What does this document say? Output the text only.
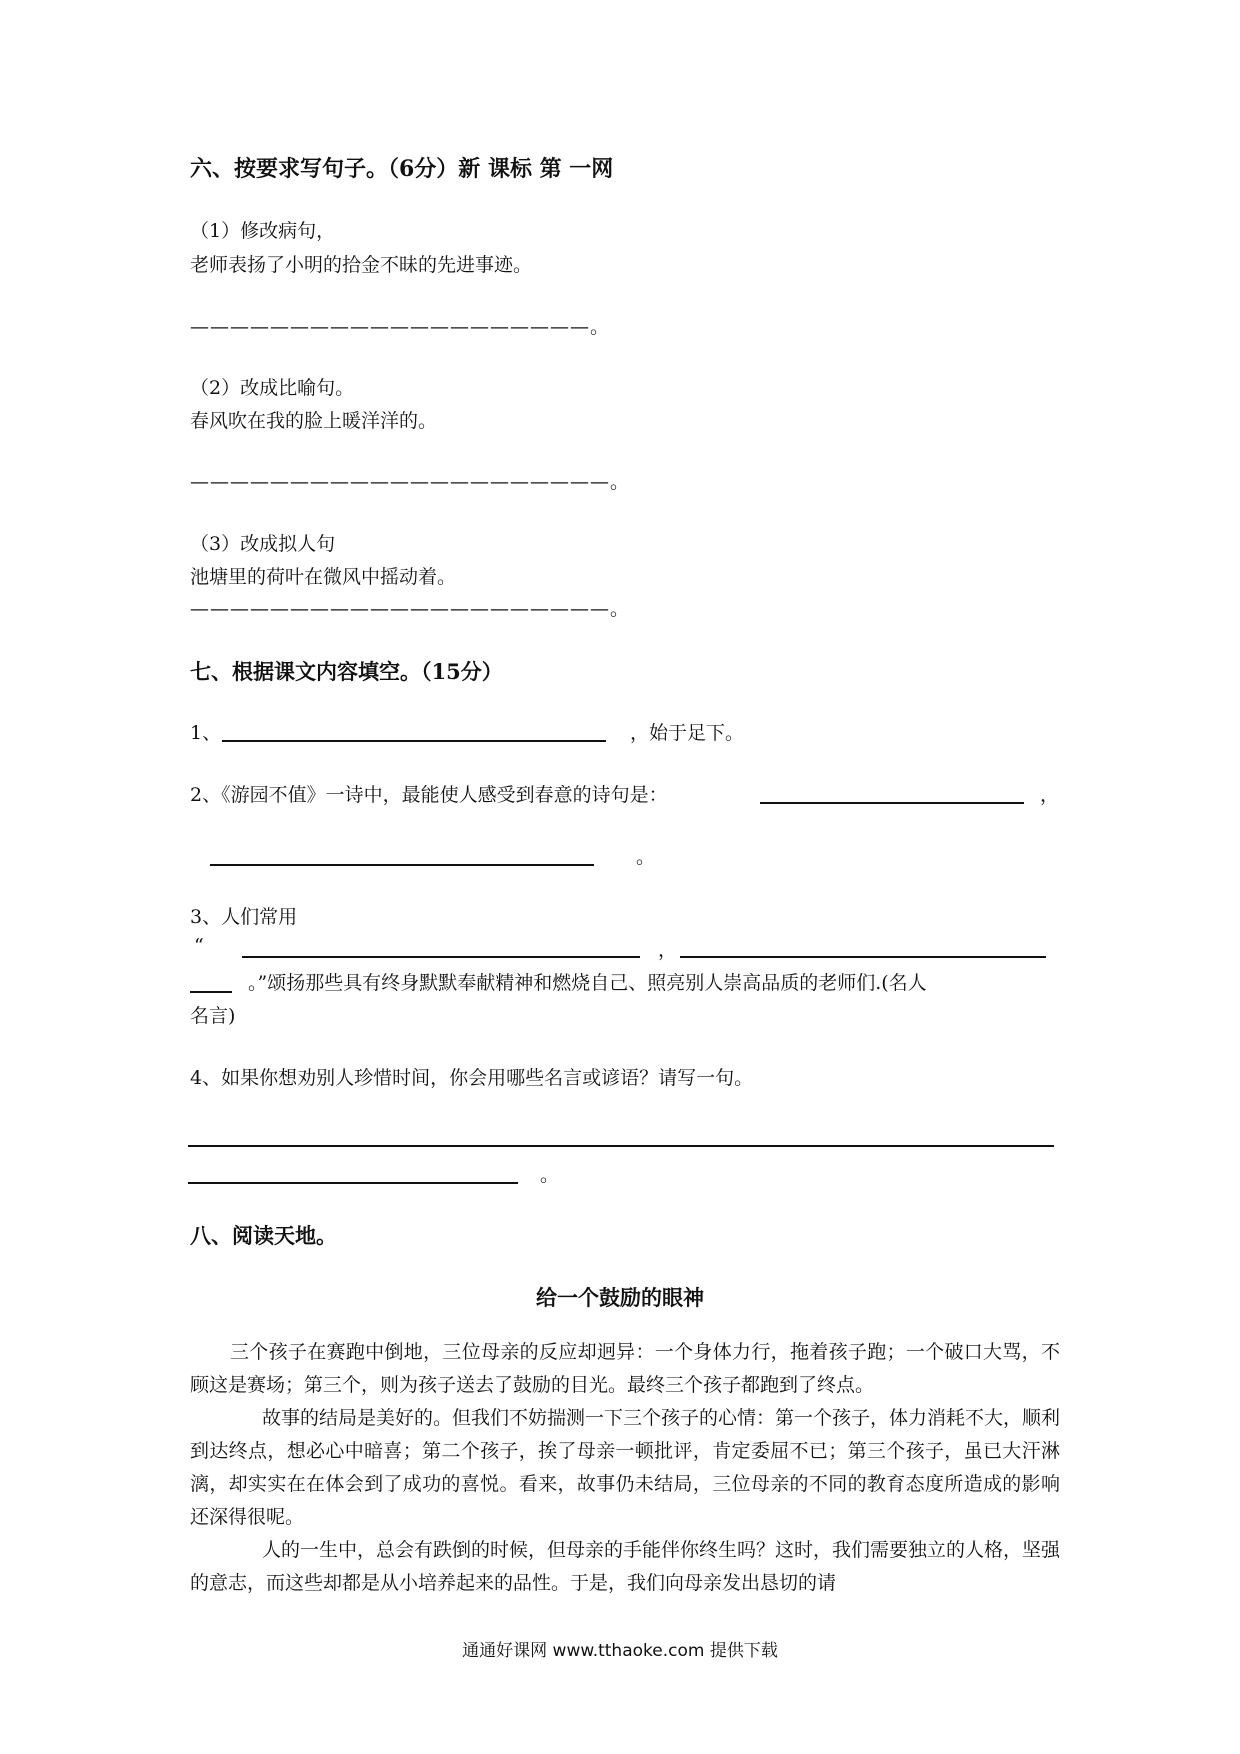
六、按要求写句子。（6分）新 课标 第 一网
（1）修改病句，
老师表扬了小明的拾金不昧的先进事迹。
————————————————————。
（2）改成比喻句。
春风吹在我的脸上暖洋洋的。
—————————————————————。
（3）改成拟人句
池塘里的荷叶在微风中摇动着。
—————————————————————。
七、根据课文内容填空。（15分）
1、	，始于足下。
2、《游园不值》一诗中，最能使人感受到春意的诗句是：	，
。
3、人们常用
“	，
。”颂扬那些具有终身默默奉献精神和燃烧自己、照亮别人崇高品质的老师们.(名人
名言)
4、如果你想劝别人珍惜时间，你会用哪些名言或谚语？请写一句。
。
八、阅读天地。
给一个鼓励的眼神

三个孩子在赛跑中倒地，三位母亲的反应却迥异：一个身体力行，拖着孩子跑；一个破口大骂，不顾这是赛场；第三个，则为孩子送去了鼓励的目光。最终三个孩子都跑到了终点。

故事的结局是美好的。但我们不妨揣测一下三个孩子的心情：第一个孩子，体力消耗不大，顺利到达终点，想必心中暗喜；第二个孩子，挨了母亲一顿批评，肯定委屈不已；第三个孩子，虽已大汗淋漓，却实实在在体会到了成功的喜悦。看来，故事仍未结局，三位母亲的不同的教育态度所造成的影响还深得很呢。

人的一生中，总会有跌倒的时候，但母亲的手能伴你终生吗？这时，我们需要独立的人格，坚强的意志，而这些却都是从小培养起来的品性。于是，我们向母亲发出恳切的请

通通好课网 www.tthaoke.com 提供下载
